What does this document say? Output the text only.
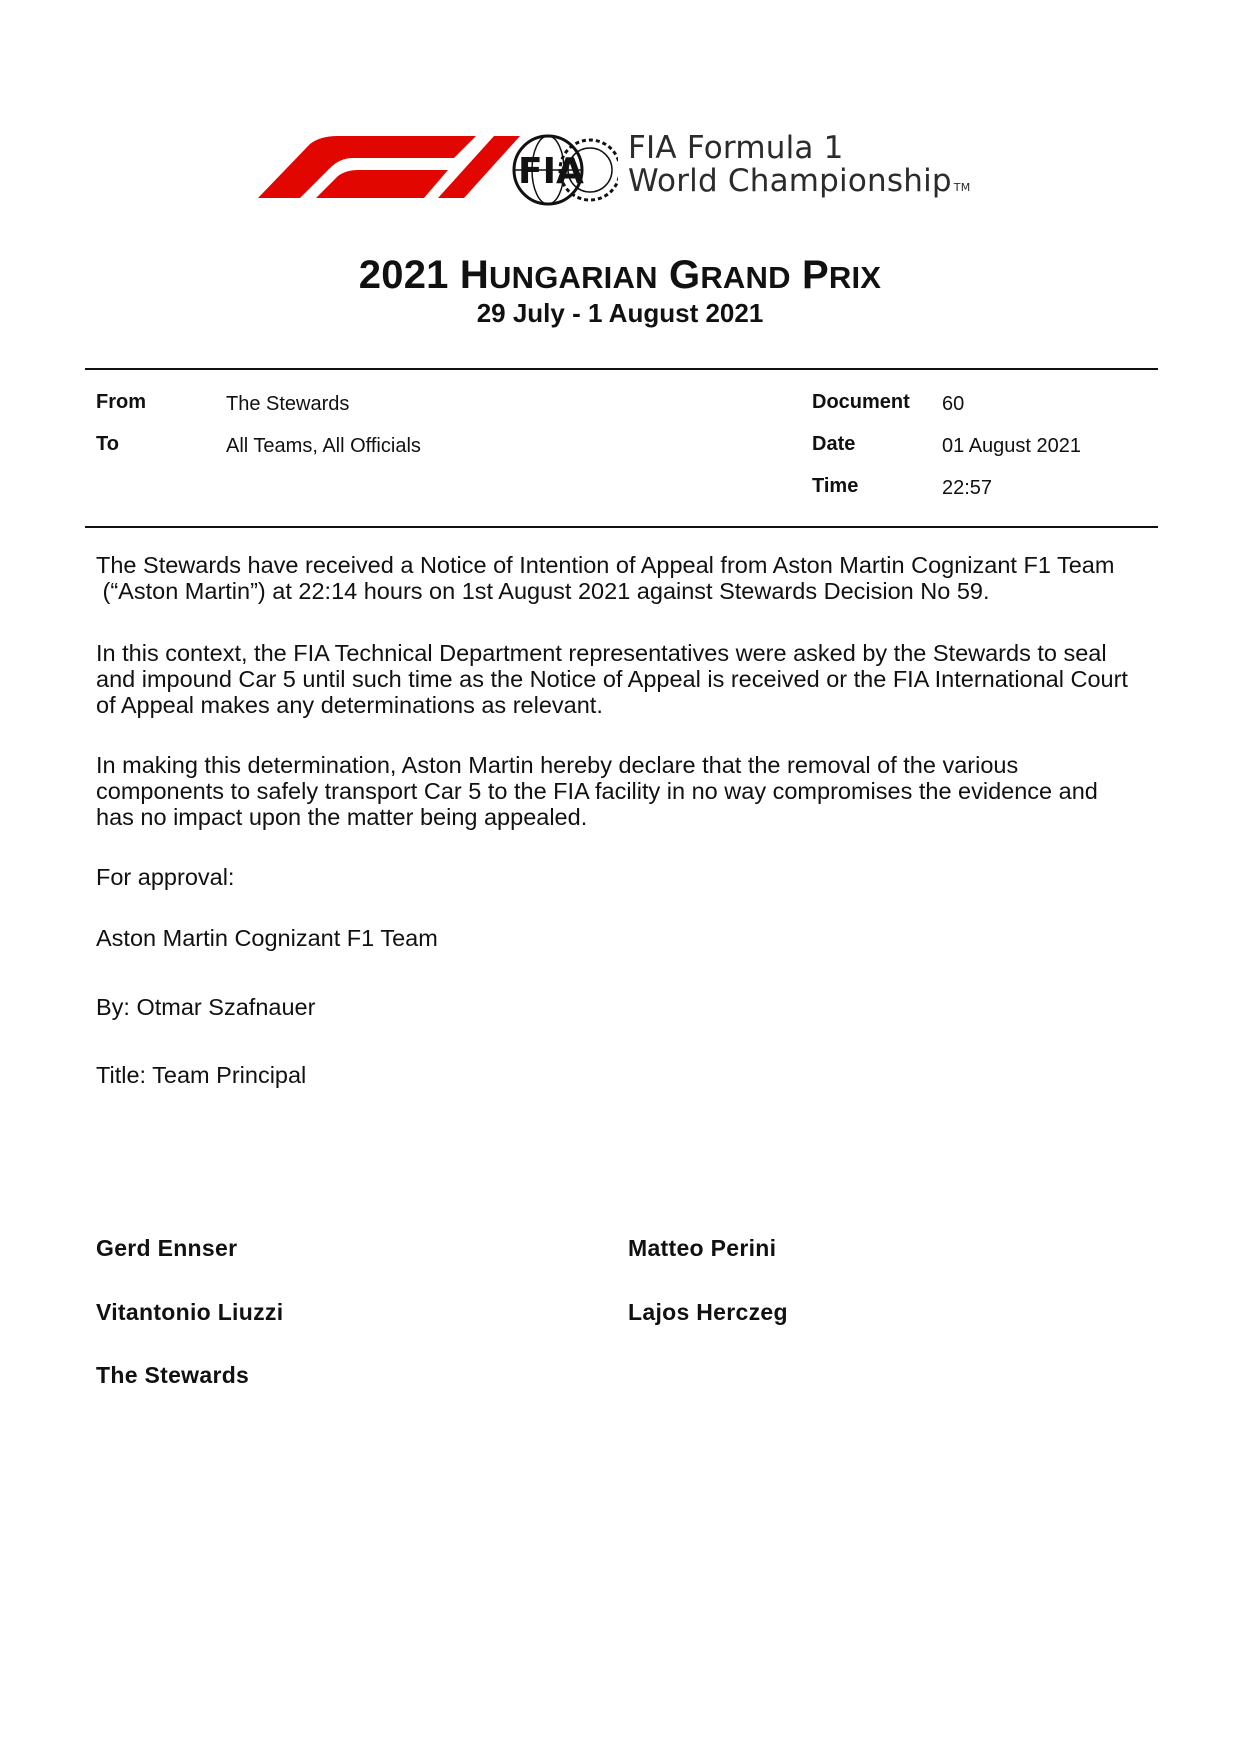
FIA
FIA Formula 1
World Championship TM
2021 HUNGARIAN GRAND PRIX
29 July - 1 August 2021
From	The Stewards
To	All Teams, All Officials
Document 60
Date	01 August 2021
Time	22:57
The Stewards have received a Notice of Intention of Appeal from Aston Martin Cognizant F1 Team
(“Aston Martin”) at 22:14 hours on 1st August 2021 against Stewards Decision No 59.
In this context, the FIA Technical Department representatives were asked by the Stewards to seal
and impound Car 5 until such time as the Notice of Appeal is received or the FIA International Court
of Appeal makes any determinations as relevant.
In making this determination, Aston Martin hereby declare that the removal of the various
components to safely transport Car 5 to the FIA facility in no way compromises the evidence and
has no impact upon the matter being appealed.
For approval:
Aston Martin Cognizant F1 Team
By: Otmar Szafnauer
Title: Team Principal
Gerd Ennser	Matteo Perini
Vitantonio Liuzzi	Lajos Herczeg
The Stewards
